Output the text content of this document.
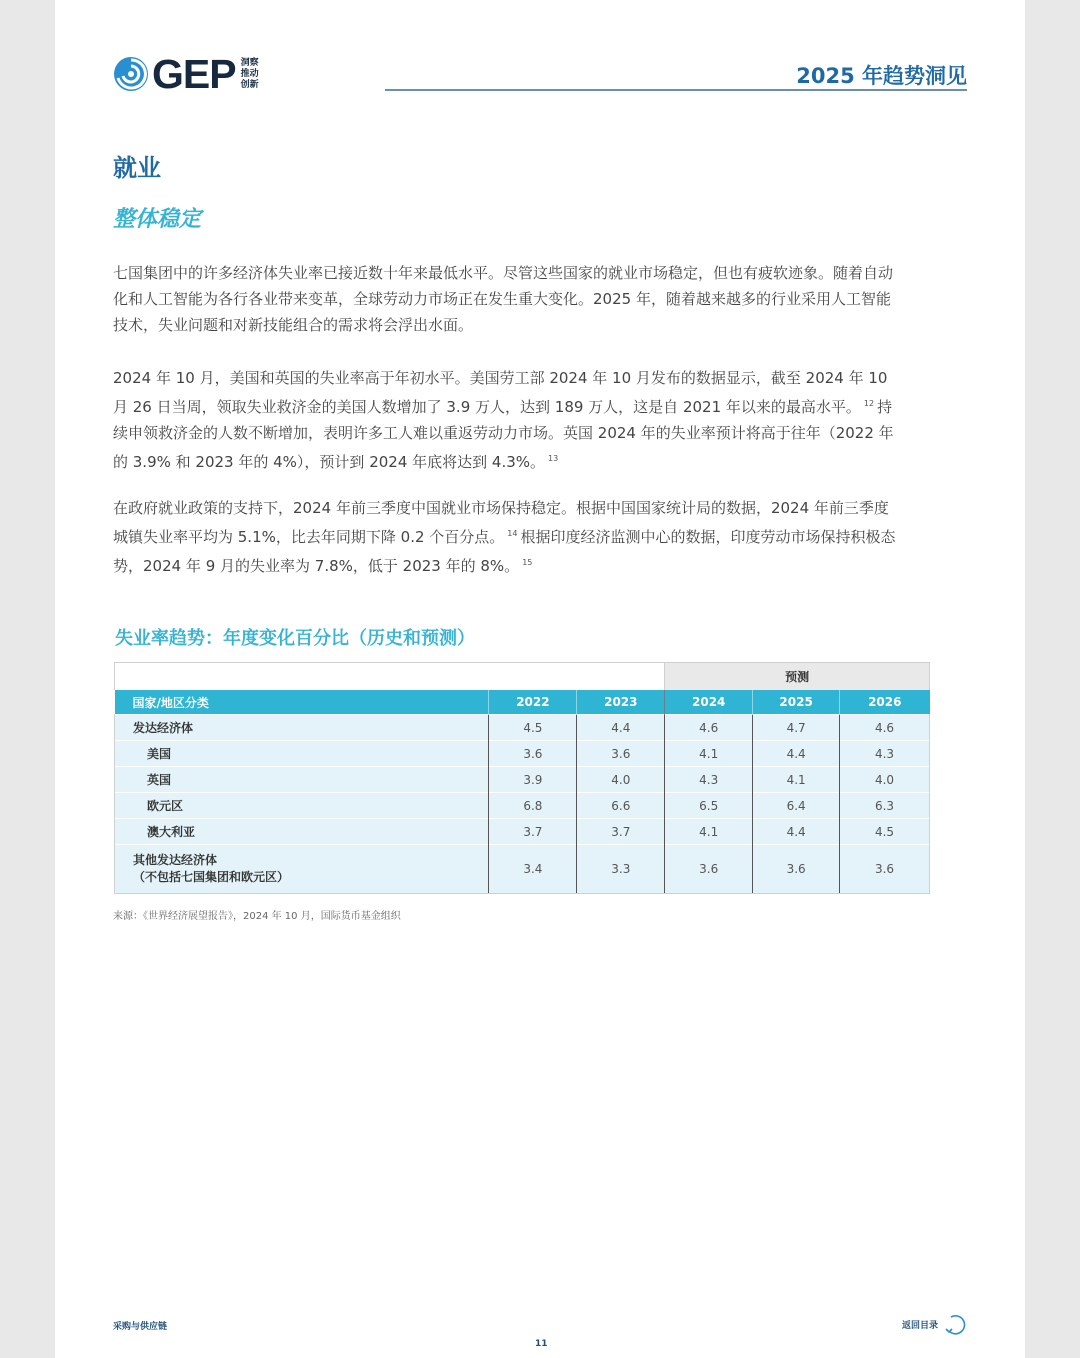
GEP 洞察
推动
创新	2025 年趋势洞见
就业
整体稳定
七国集团中的许多经济体失业率已接近数十年来最低水平。尽管这些国家的就业市场稳定，但也有疲软迹象。随着自动化和人工智能为各行各业带来变革，全球劳动力市场正在发生重大变化。2025 年，随着越来越多的行业采用人工智能技术，失业问题和对新技能组合的需求将会浮出水面。
2024 年 10 月，美国和英国的失业率高于年初水平。美国劳工部 2024 年 10 月发布的数据显示，截至 2024 年 10 月 26 日当周，领取失业救济金的美国人数增加了 3.9 万人，达到 189 万人，这是自 2021 年以来的最高水平。 $^{12}$ 持续申领救济金的人数不断增加，表明许多工人难以重返劳动力市场。英国 2024 年的失业率预计将高于往年（2022 年的 3.9% 和 2023 年的 4%），预计到 2024 年底将达到 4.3%。 $^{13}$
在政府就业政策的支持下，2024 年前三季度中国就业市场保持稳定。根据中国国家统计局的数据，2024 年前三季度城镇失业率平均为 5.1%，比去年同期下降 0.2 个百分点。 $^{14}$ 根据印度经济监测中心的数据，印度劳动市场保持积极态势，2024 年 9 月的失业率为 7.8%，低于 2023 年的 8%。 $^{15}$
失业率趋势：年度变化百分比（历史和预测）
			预测		
国家/地区分类	2022	2023	2024	2025	2026
发达经济体	4.5	4.4	4.6	4.7	4.6
美国	3.6	3.6	4.1	4.4	4.3
英国	3.9	4.0	4.3	4.1	4.0
欧元区	6.8	6.6	6.5	6.4	6.3
澳大利亚	3.7	3.7	4.1	4.4	4.5

其他发达经济体
（不包括七国集团和欧元区）	3.4	3.3	3.6	3.6	3.6
来源：《世界经济展望报告》，2024 年 10 月，国际货币基金组织
采购与供应链
11
返回目录
